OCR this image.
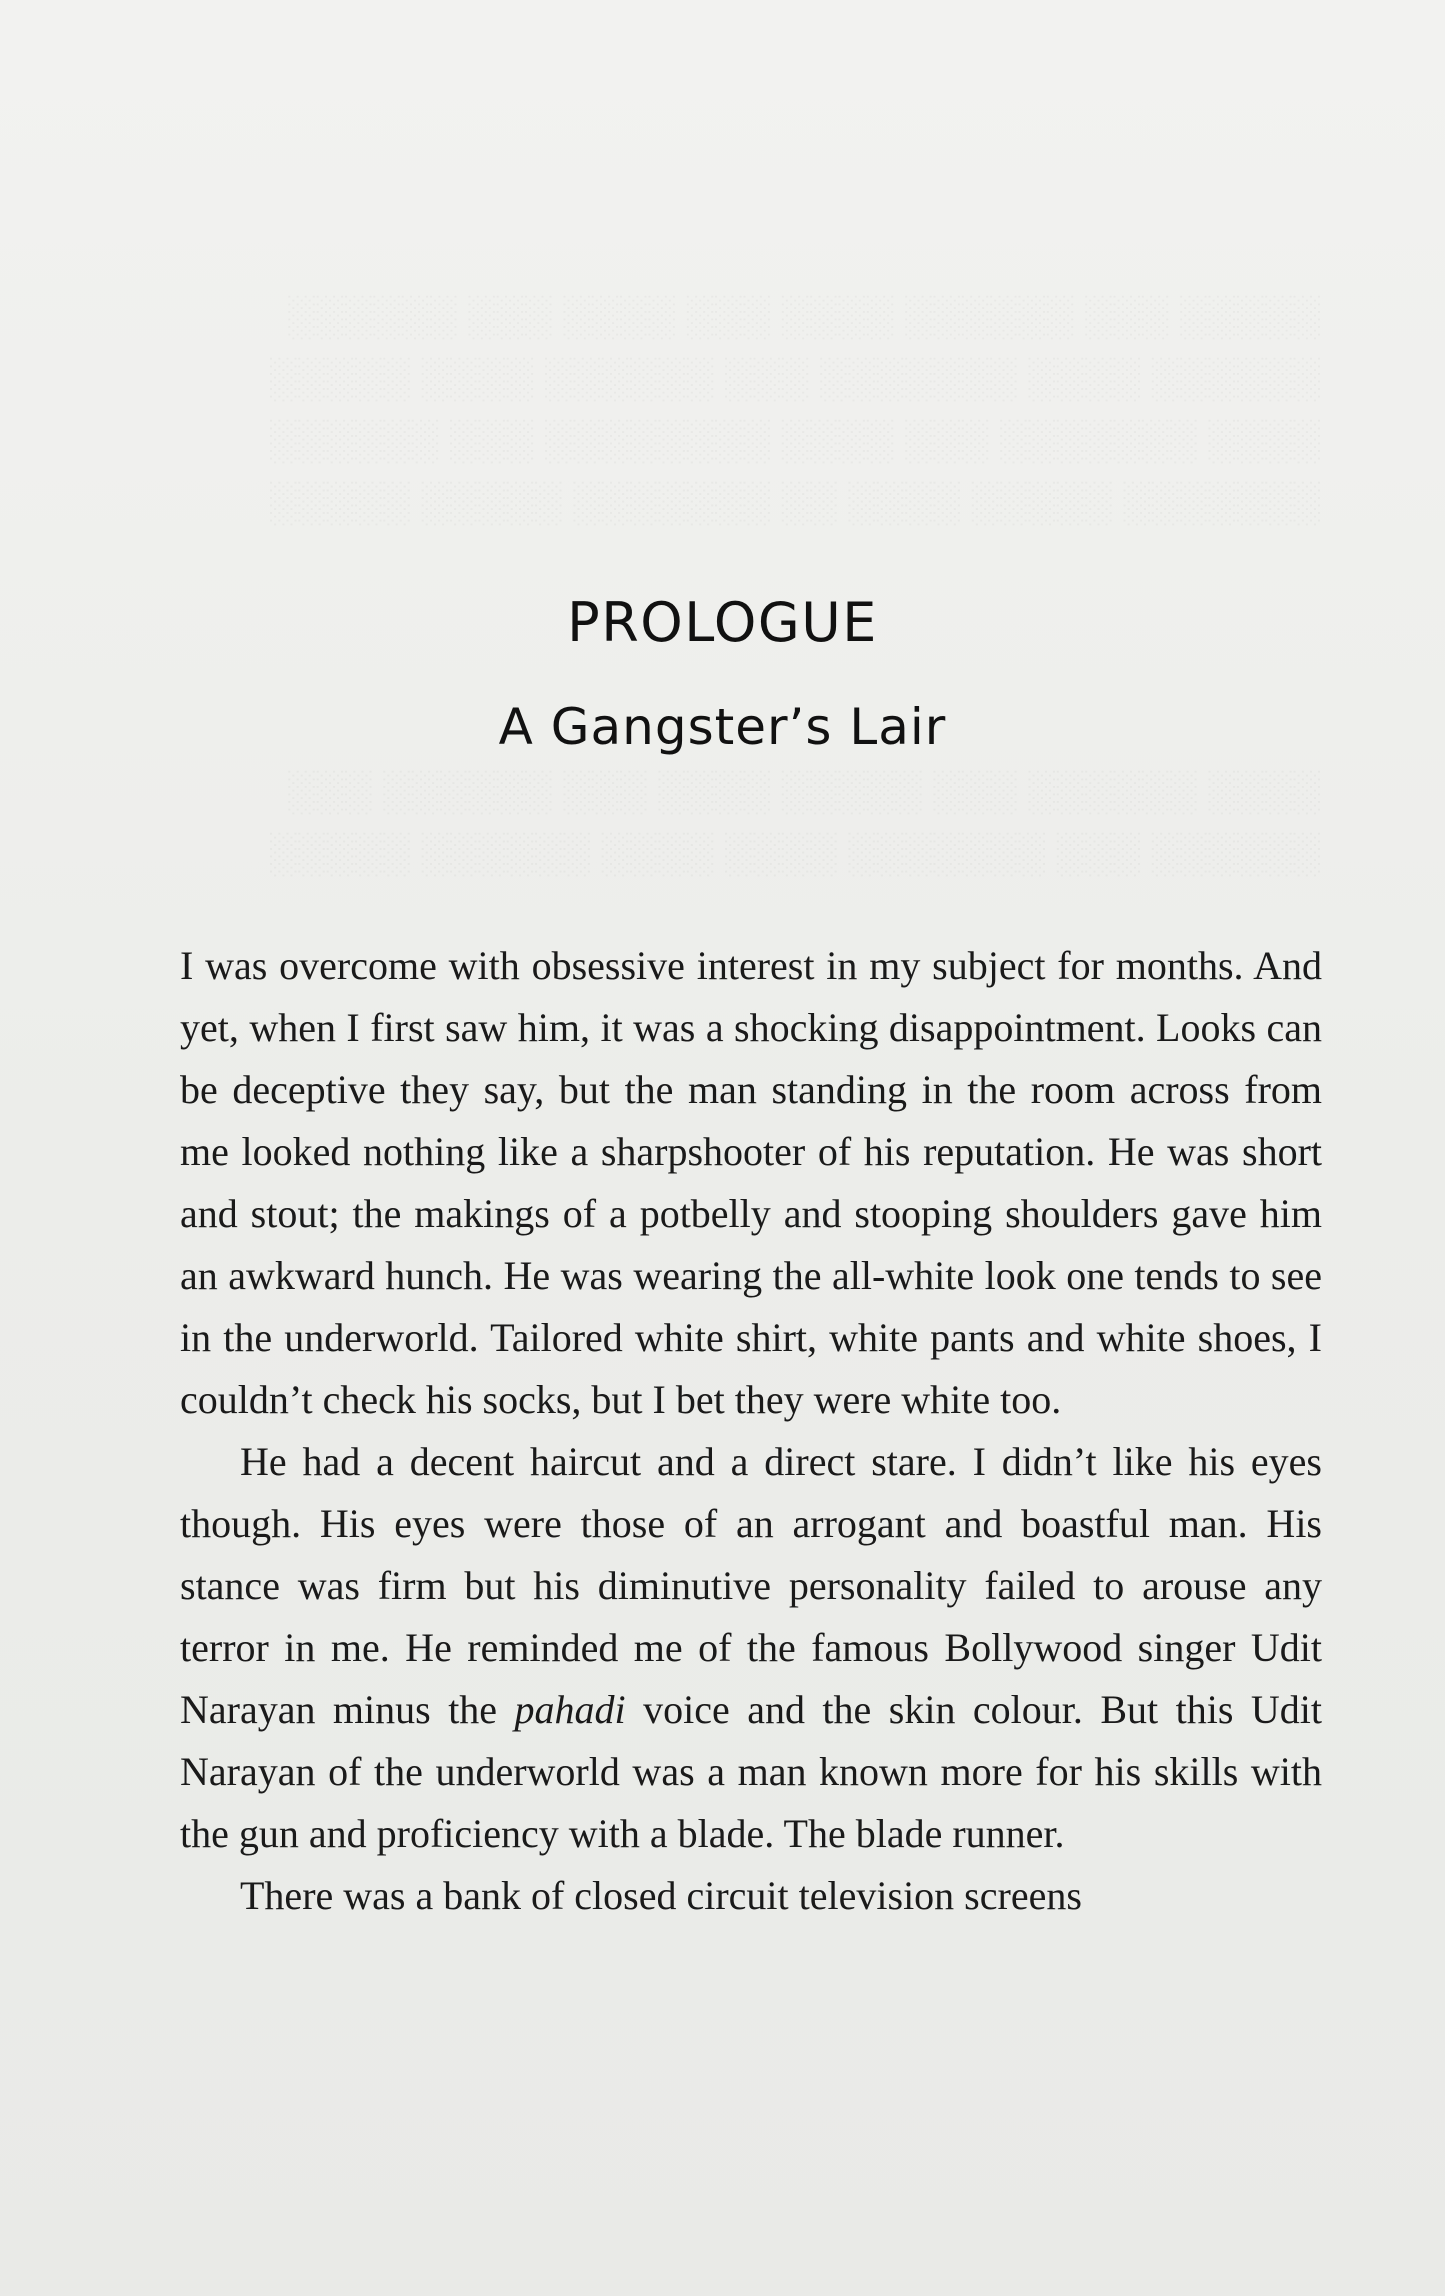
PROLOGUE
A Gangster’s Lair

I was overcome with obsessive interest in my subject for months. And yet, when I first saw him, it was a shocking disappointment. Looks can be deceptive they say, but the man standing in the room across from me looked nothing like a sharpshooter of his reputation. He was short and stout; the makings of a potbelly and stooping shoulders gave him an awkward hunch. He was wearing the all-white look one tends to see in the underworld. Tailored white shirt, white pants and white shoes, I couldn’t check his socks, but I bet they were white too.

He had a decent haircut and a direct stare. I didn’t like his eyes though. His eyes were those of an arrogant and boastful man. His stance was firm but his diminutive personality failed to arouse any terror in me. He reminded me of the famous Bollywood singer Udit Narayan minus the pahadi voice and the skin colour. But this Udit Narayan of the underworld was a man known more for his skills with the gun and proficiency with a blade. The blade runner.

There was a bank of closed circuit television screens
